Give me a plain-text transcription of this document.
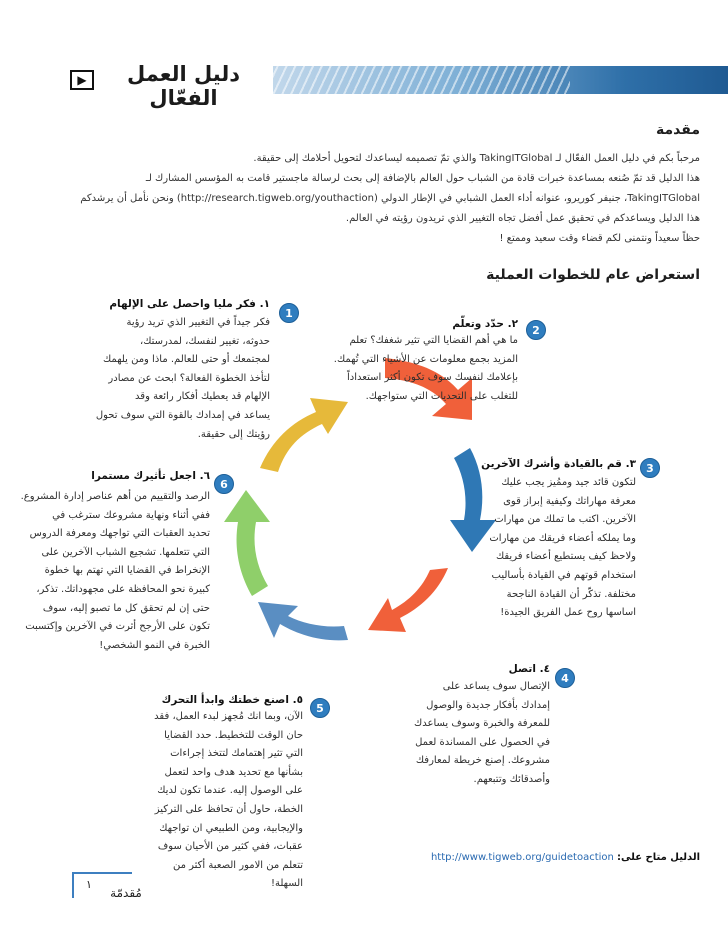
▶	دليل العمل الفعّال
مقدمة
مرحباً بكم في دليل العمل الفعّال لـ TakingITGlobal والذي تمّ تصميمه ليساعدك لتحويل أحلامك إلى حقيقة.
هذا الدليل قد تمّ صُنعه بمساعدة خبرات قادة من الشباب حول العالم بالإضافة إلى بحث لرسالة ماجستير قامت به المؤسس المشارك لـ
TakingITGlobal، جنيفر كوريرو، عنوانه أداء العمل الشبابي في الإطار الدولي (http://research.tigweb.org/youthaction) ونحن نأمل أن يرشدكم
هذا الدليل ويساعدكم في تحقيق عمل أفضل تجاه التغيير الذي تريدون رؤيته في العالم.
حظاً سعيداً ونتمنى لكم قضاء وقت سعيد وممتع !
استعراض عام للخطوات العملية
1
١. فكر مليا واحصل على الإلهام
فكر جيداً في التغيير الذي تريد رؤية
حدوثه، تغيير لنفسك، لمدرستك،
لمجتمعك أو حتى للعالم. ماذا ومن يلهمك
لتأخذ الخطوة الفعالة؟ ابحث عن مصادر
الإلهام قد يعطيك أفكار رائعة وقد
يساعد في إمدادك بالقوة التي سوف تحول
رؤيتك إلى حقيقة.
2
٢. حدّد وتعلّم
ما هي أهم القضايا التي تثير شغفك؟ تعلم
المزيد بجمع معلومات عن الأشياء التي تُهمك.
بإعلامك لنفسك سوف تكون أكثر استعداداً
للتغلب على التحديات التي ستواجهك.
3
٣. قم بالقيادة وأشرك الآخرين
لتكون قائد جيد وممُيز يجب عليك
معرفة مهاراتك وكيفية إبراز قوى
الآخرين. اكتب ما تملك من مهارات
وما يملكه أعضاء فريقك من مهارات
ولاحظ كيف يستطيع أعضاء فريقك
استخدام قوتهم في القيادة بأساليب
مختلفة. تذكّر أن القيادة الناجحة
اساسها روح عمل الفريق الجيدة!
4
٤. اتصل
الإتصال سوف يساعد على
إمدادك بأفكار جديدة والوصول
للمعرفة والخبرة وسوف يساعدك
في الحصول على المساندة لعمل
مشروعك. إصنع خريطة لمعارفك
وأصدقائك وتتبعهم.
5
٥. اصنع خطتك وابدأ التحرك
الآن، وبما انك مُجهز لبدء العمل، فقد
حان الوقت للتخطيط. حدد القضايا
التي تثير إهتمامك لتتخذ إجراءات
بشأنها مع تحديد هدف واحد لتعمل
على الوصول إليه. عندما تكون لديك
الخطة، حاول أن تحافظ على التركيز
والإيجابية، ومن الطبيعي ان تواجهك
عقبات، ففي كثير من الأحيان سوف
تتعلم من الامور الصعبة أكثر من
السهلة!
6
٦. اجعل تأثيرك مستمرا
الرصد والتقييم من أهم عناصر إدارة المشروع.
ففي أثناء ونهاية مشروعك سترغب في
تحديد العقبات التي تواجهك ومعرفة الدروس
التي تتعلمها. تشجيع الشباب الآخرين على
الإنخراط في القضايا التي تهتم بها خطوة
كبيرة نحو المحافظة على مجهوداتك. تذكر،
حتى إن لم تحقق كل ما تصبو إليه، سوف
تكون على الأرجح أثرت في الآخرين وإكتسبت
الخبرة في النمو الشخصي!
الدليل متاح على: http://www.tigweb.org/guidetoaction
١
مُقدمّة
